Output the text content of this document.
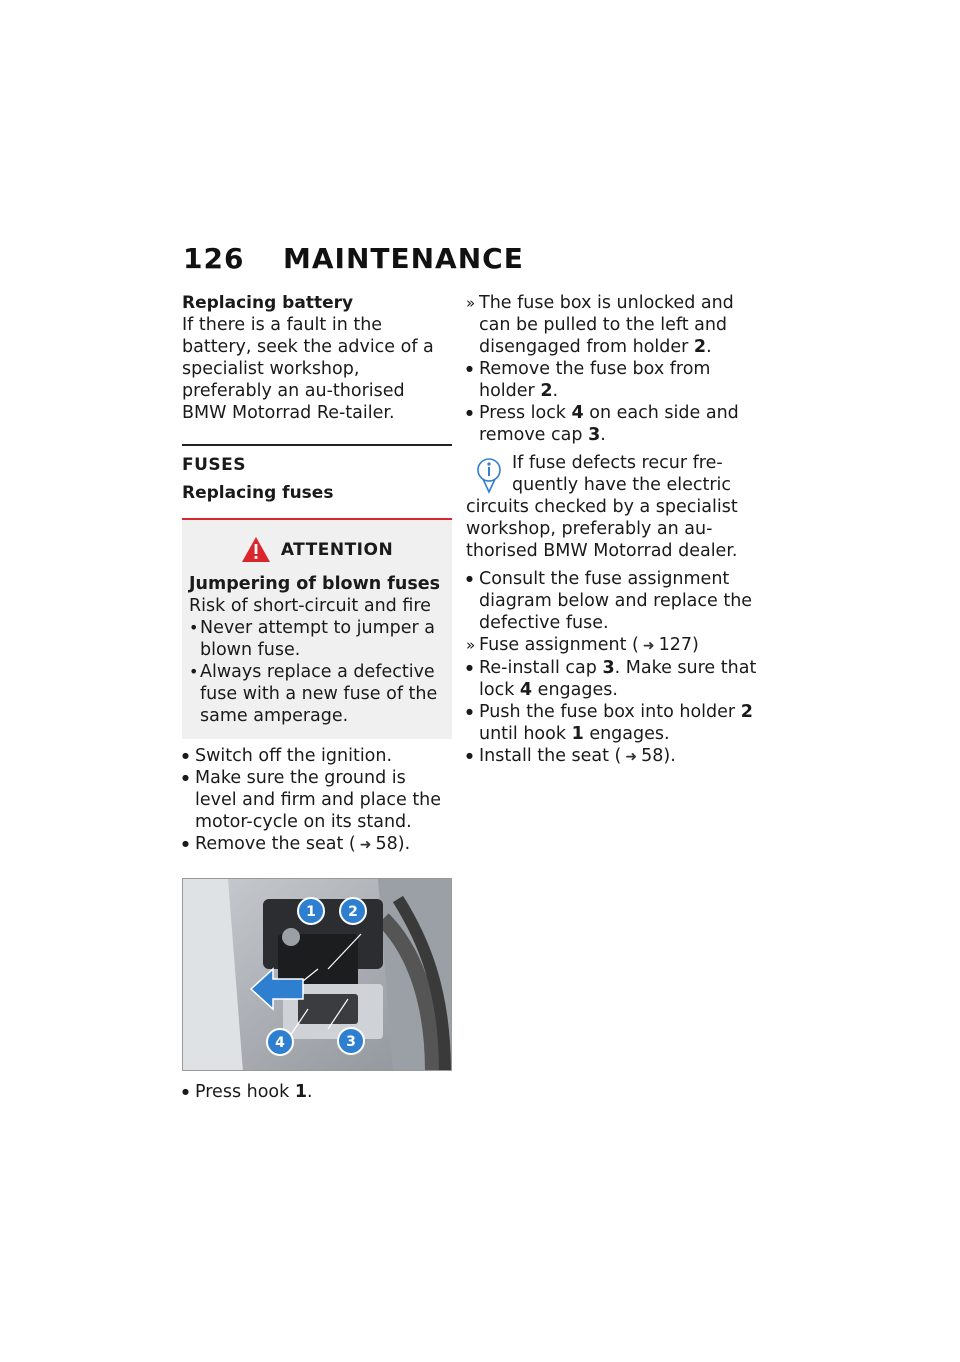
126 MAINTENANCE
Replacing battery

If there is a fault in the battery, seek the advice of a specialist workshop, preferably an au-thorised BMW Motorrad Re-tailer.

FUSES
Replacing fuses
ATTENTION
Jumpering of blown fuses
Risk of short-circuit and fire
• Never attempt to jumper a blown fuse.
• Always replace a defective fuse with a new fuse of the same amperage.
● Switch off the ignition.
● Make sure the ground is level and firm and place the motor-cycle on its stand.
● Remove the seat ( ➜ 58).
1 2
3
4
● Press hook 1.
» The fuse box is unlocked and can be pulled to the left and disengaged from holder 2.
● Remove the fuse box from holder 2.
● Press lock 4 on each side and remove cap 3.
If fuse defects recur fre-quently have the electric
circuits checked by a specialist workshop, preferably an au-thorised BMW Motorrad dealer.
● Consult the fuse assignment diagram below and replace the defective fuse.
» Fuse assignment ( ➜ 127)
● Re-install cap 3. Make sure that lock 4 engages.
● Push the fuse box into holder 2 until hook 1 engages.
● Install the seat ( ➜ 58).
